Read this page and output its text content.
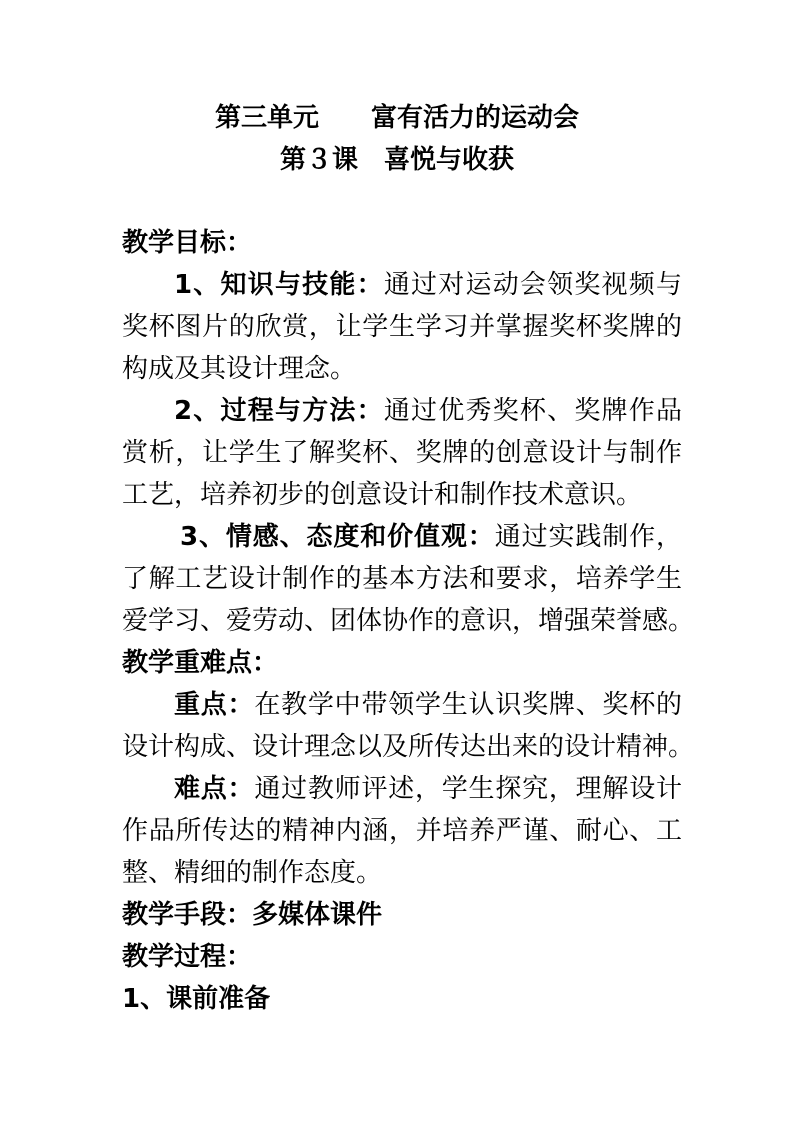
第三单元　　富有活力的运动会
第３课　喜悦与收获
教学目标：
1、知识与技能：通过对运动会领奖视频与
奖杯图片的欣赏，让学生学习并掌握奖杯奖牌的
构成及其设计理念。
2、过程与方法：通过优秀奖杯、奖牌作品
赏析，让学生了解奖杯、奖牌的创意设计与制作
工艺，培养初步的创意设计和制作技术意识。
3、情感、态度和价值观：通过实践制作，
了解工艺设计制作的基本方法和要求，培养学生
爱学习、爱劳动、团体协作的意识，增强荣誉感。
教学重难点：
重点：在教学中带领学生认识奖牌、奖杯的
设计构成、设计理念以及所传达出来的设计精神。
难点：通过教师评述，学生探究，理解设计
作品所传达的精神内涵，并培养严谨、耐心、工
整、精细的制作态度。
教学手段：多媒体课件
教学过程：
1、课前准备
